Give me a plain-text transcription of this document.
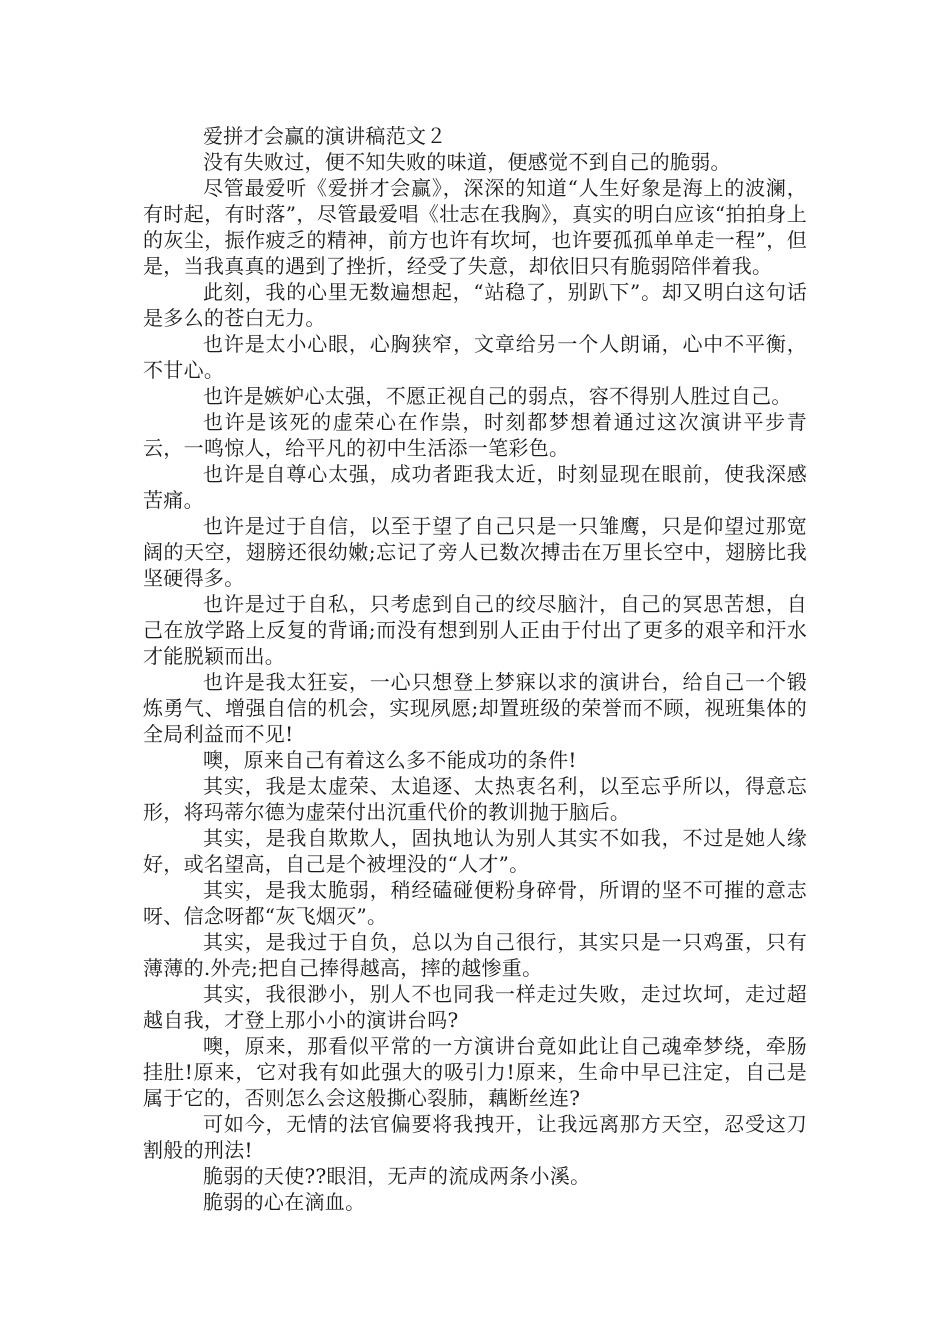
爱拼才会赢的演讲稿范文２

没有失败过，便不知失败的味道，便感觉不到自己的脆弱。

尽管最爱听《爱拼才会赢》，深深的知道“人生好象是海上的波澜，有时起，有时落”，尽管最爱唱《壮志在我胸》，真实的明白应该“拍拍身上的灰尘，振作疲乏的精神，前方也许有坎坷，也许要孤孤单单走一程”，但是，当我真真的遇到了挫折，经受了失意，却依旧只有脆弱陪伴着我。

此刻，我的心里无数遍想起，“站稳了，别趴下”。却又明白这句话是多么的苍白无力。

也许是太小心眼，心胸狭窄，文章给另一个人朗诵，心中不平衡，不甘心。

也许是嫉妒心太强，不愿正视自己的弱点，容不得别人胜过自己。

也许是该死的虚荣心在作祟，时刻都梦想着通过这次演讲平步青云，一鸣惊人，给平凡的初中生活添一笔彩色。

也许是自尊心太强，成功者距我太近，时刻显现在眼前，使我深感苦痛。

也许是过于自信，以至于望了自己只是一只雏鹰，只是仰望过那宽阔的天空，翅膀还很幼嫩;忘记了旁人已数次搏击在万里长空中，翅膀比我坚硬得多。

也许是过于自私，只考虑到自己的绞尽脑汁，自己的冥思苦想，自己在放学路上反复的背诵;而没有想到别人正由于付出了更多的艰辛和汗水才能脱颖而出。

也许是我太狂妄，一心只想登上梦寐以求的演讲台，给自己一个锻炼勇气、增强自信的机会，实现夙愿;却置班级的荣誉而不顾，视班集体的全局利益而不见!

噢，原来自己有着这么多不能成功的条件!

其实，我是太虚荣、太追逐、太热衷名利，以至忘乎所以，得意忘形，将玛蒂尔德为虚荣付出沉重代价的教训抛于脑后。

其实，是我自欺欺人，固执地认为别人其实不如我，不过是她人缘好，或名望高，自己是个被埋没的“人才”。

其实，是我太脆弱，稍经磕碰便粉身碎骨，所谓的坚不可摧的意志呀、信念呀都“灰飞烟灭”。

其实，是我过于自负，总以为自己很行，其实只是一只鸡蛋，只有薄薄的.外壳;把自己捧得越高，摔的越惨重。

其实，我很渺小，别人不也同我一样走过失败，走过坎坷，走过超越自我，才登上那小小的演讲台吗?

噢，原来，那看似平常的一方演讲台竟如此让自己魂牵梦绕，牵肠挂肚!原来，它对我有如此强大的吸引力!原来，生命中早已注定，自己是属于它的，否则怎么会这般撕心裂肺，藕断丝连?

可如今，无情的法官偏要将我拽开，让我远离那方天空，忍受这刀割般的刑法!

脆弱的天使??眼泪，无声的流成两条小溪。

脆弱的心在滴血。
